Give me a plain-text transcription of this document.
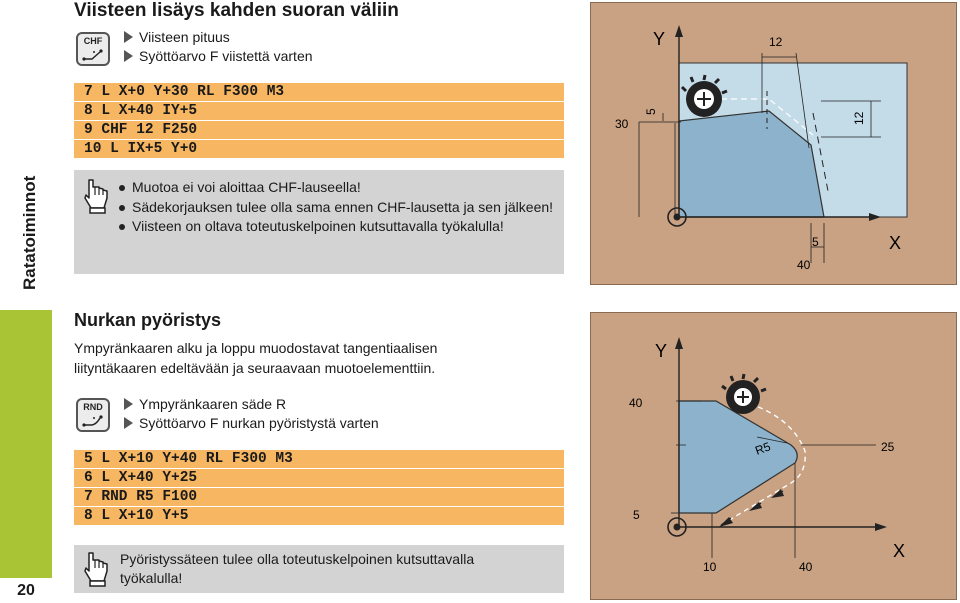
Ratatoiminnot
20
Viisteen lisäys kahden suoran väliin
CHF	Viisteen pituus
Syöttöarvo F viistettä varten
7 L X+0 Y+30 RL F300 M3
8 L X+40 IY+5
9 CHF 12 F250
10 L IX+5 Y+0
Muotoa ei voi aloittaa CHF-lauseella!
Sädekorjauksen tulee olla sama ennen CHF-lausetta ja sen jälkeen!
Viisteen on oltava toteutuskelpoinen kutsuttavalla työkalulla!
Y
X
12
30
5	12
5
40
Nurkan pyöristys
Ympyränkaaren alku ja loppu muodostavat tangentiaalisen
liityntäkaaren edeltävään ja seuraavaan muotoelementtiin.
RND	Ympyränkaaren säde R
Syöttöarvo F nurkan pyöristystä varten
5 L X+10 Y+40 RL F300 M3
6 L X+40 Y+25
7 RND R5 F100
8 L X+10 Y+5
Pyöristyssäteen tulee olla toteutuskelpoinen kutsuttavalla
työkalulla!
Y
X
40
R5	25
5
10	40
